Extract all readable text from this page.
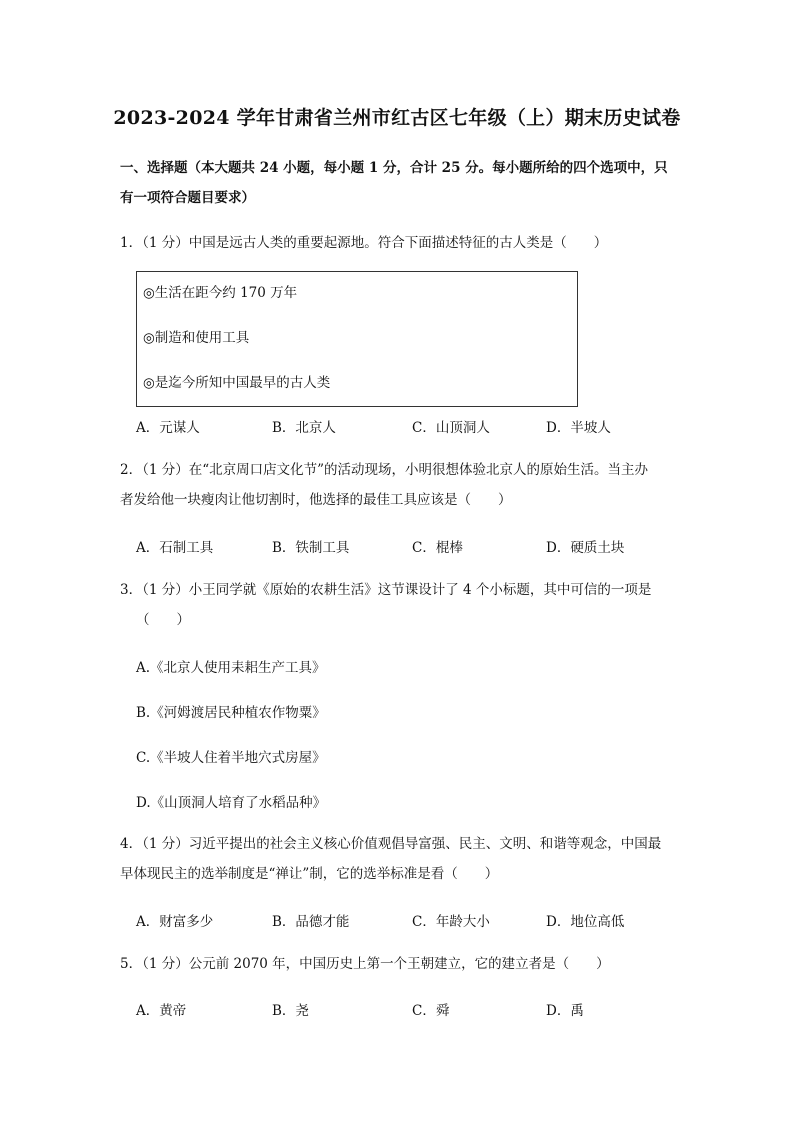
2023-2024 学年甘肃省兰州市红古区七年级（上）期末历史试卷
一、选择题（本大题共 24 小题，每小题 1 分，合计 25 分。每小题所给的四个选项中，只
有一项符合题目要求）
1．（1 分）中国是远古人类的重要起源地。符合下面描述特征的古人类是（　　）
◎生活在距今约 170 万年
◎制造和使用工具
◎是迄今所知中国最早的古人类
A．元谋人	B．北京人	C．山顶洞人	D．半坡人
2．（1 分）在“北京周口店文化节”的活动现场，小明很想体验北京人的原始生活。当主办
者发给他一块瘦肉让他切割时，他选择的最佳工具应该是（　　）
A．石制工具	B．铁制工具	C．棍棒	D．硬质土块
3．（1 分）小王同学就《原始的农耕生活》这节课设计了 4 个小标题，其中可信的一项是
（　　）
A.《北京人使用耒耜生产工具》
B.《河姆渡居民种植农作物粟》
C.《半坡人住着半地穴式房屋》
D.《山顶洞人培育了水稻品种》
4．（1 分）习近平提出的社会主义核心价值观倡导富强、民主、文明、和谐等观念，中国最
早体现民主的选举制度是“禅让”制，它的选举标准是看（　　）
A．财富多少	B．品德才能	C．年龄大小	D．地位高低
5．（1 分）公元前 2070 年，中国历史上第一个王朝建立，它的建立者是（　　）
A．黄帝	B．尧	C．舜	D．禹
